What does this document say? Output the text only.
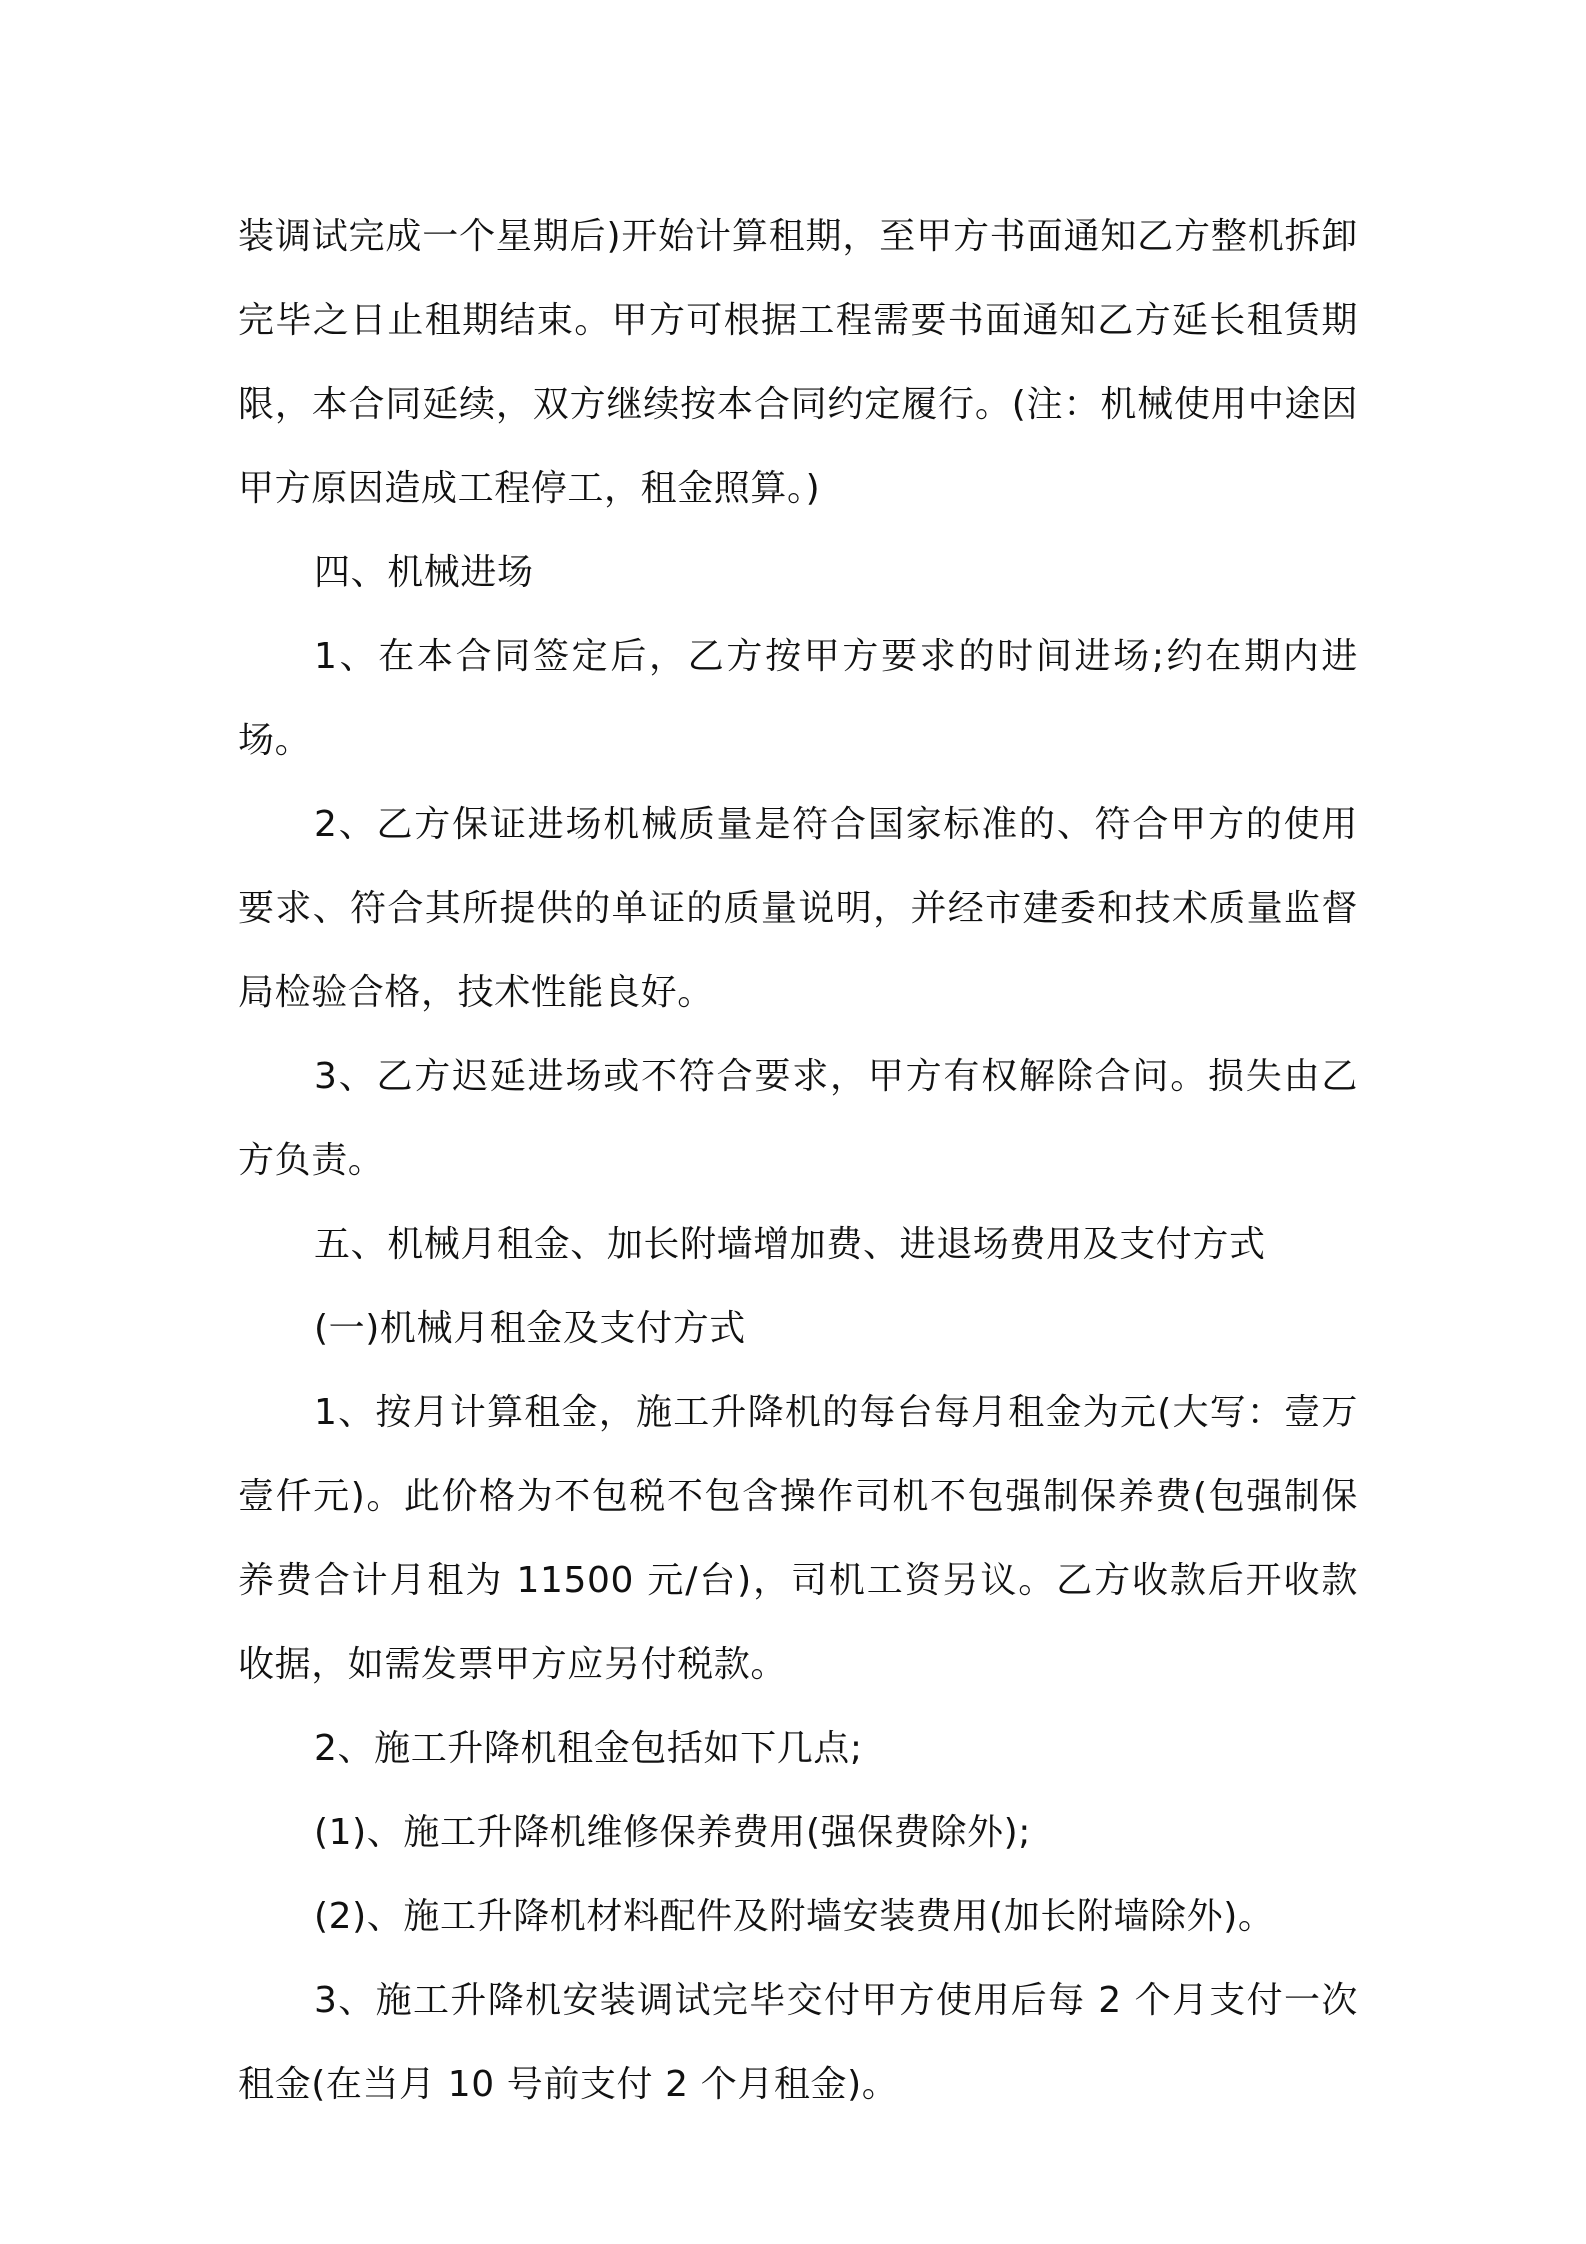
装调试完成一个星期后)开始计算租期，至甲方书面通知乙方整机拆卸完毕之日止租期结束。甲方可根据工程需要书面通知乙方延长租赁期限，本合同延续，双方继续按本合同约定履行。(注：机械使用中途因甲方原因造成工程停工，租金照算。)

四、机械进场

1、在本合同签定后，乙方按甲方要求的时间进场;约在期内进场。

2、乙方保证进场机械质量是符合国家标准的、符合甲方的使用要求、符合其所提供的单证的质量说明，并经市建委和技术质量监督局检验合格，技术性能良好。

3、乙方迟延进场或不符合要求，甲方有权解除合问。损失由乙方负责。

五、机械月租金、加长附墙增加费、进退场费用及支付方式

(一)机械月租金及支付方式

1、按月计算租金，施工升降机的每台每月租金为元(大写：壹万壹仟元)。此价格为不包税不包含操作司机不包强制保养费(包强制保养费合计月租为 11500 元/台)，司机工资另议。乙方收款后开收款收据，如需发票甲方应另付税款。

2、施工升降机租金包括如下几点;

(1)、施工升降机维修保养费用(强保费除外);

(2)、施工升降机材料配件及附墙安装费用(加长附墙除外)。

3、施工升降机安装调试完毕交付甲方使用后每 2 个月支付一次租金(在当月 10 号前支付 2 个月租金)。
